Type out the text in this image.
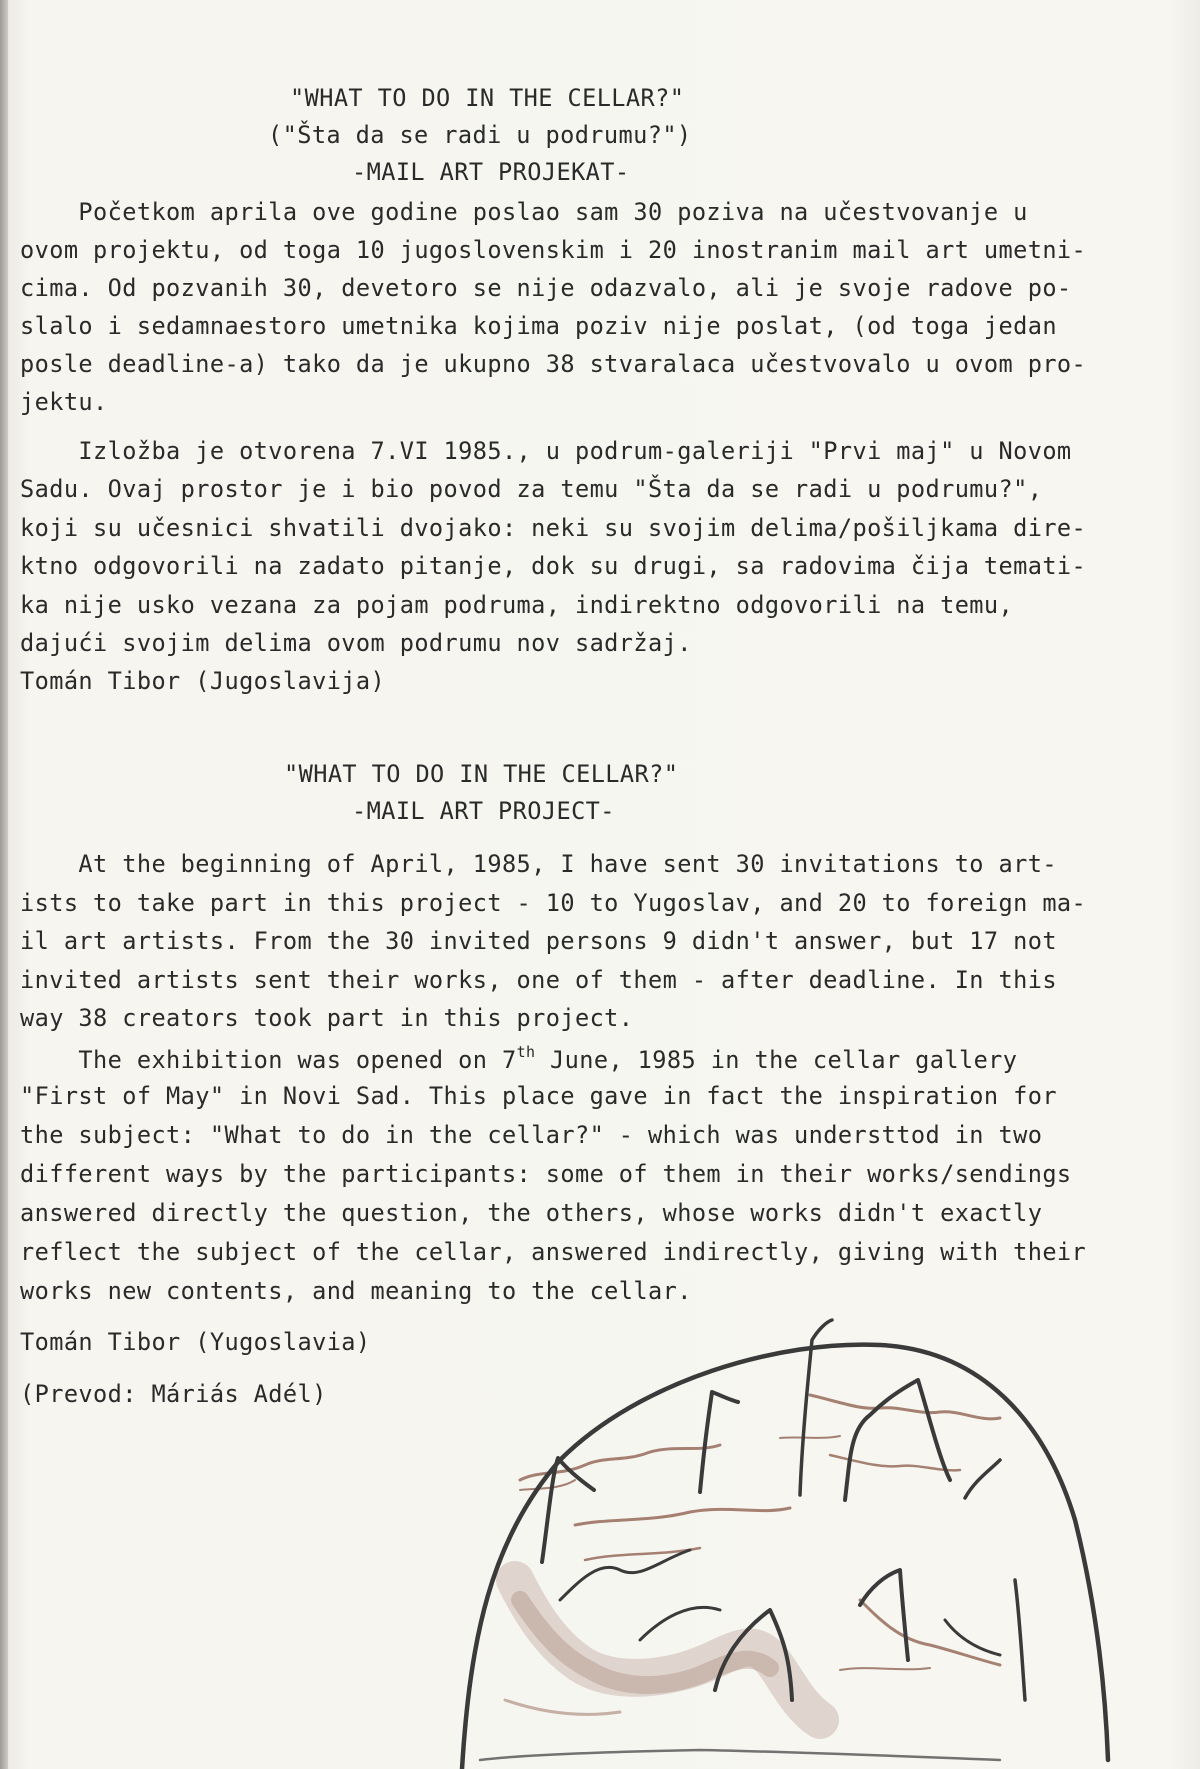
"WHAT TO DO IN THE CELLAR?"

("Šta da se radi u podrumu?")

-MAIL ART PROJEKAT-

Početkom aprila ove godine poslao sam 30 poziva na učestvovanje u

ovom projektu, od toga 10 jugoslovenskim i 20 inostranim mail art umetni-

cima. Od pozvanih 30, devetoro se nije odazvalo, ali je svoje radove po-

slalo i sedamnaestoro umetnika kojima poziv nije poslat, (od toga jedan

posle deadline-a) tako da je ukupno 38 stvaralaca učestvovalo u ovom pro-

jektu.

Izložba je otvorena 7.VI 1985., u podrum-galeriji "Prvi maj" u Novom

Sadu. Ovaj prostor je i bio povod za temu "Šta da se radi u podrumu?",

koji su učesnici shvatili dvojako: neki su svojim delima/pošiljkama dire-

ktno odgovorili na zadato pitanje, dok su drugi, sa radovima čija temati-

ka nije usko vezana za pojam podruma, indirektno odgovorili na temu,

dajući svojim delima ovom podrumu nov sadržaj.

Tomán Tibor (Jugoslavija)

"WHAT TO DO IN THE CELLAR?"

-MAIL ART PROJECT-

At the beginning of April, 1985, I have sent 30 invitations to art-

ists to take part in this project - 10 to Yugoslav, and 20 to foreign ma-

il art artists. From the 30 invited persons 9 didn't answer, but 17 not

invited artists sent their works, one of them - after deadline. In this

way 38 creators took part in this project.

The exhibition was opened on 7th June, 1985 in the cellar gallery

"First of May" in Novi Sad. This place gave in fact the inspiration for

the subject: "What to do in the cellar?" - which was understtod in two

different ways by the participants: some of them in their works/sendings

answered directly the question, the others, whose works didn't exactly

reflect the subject of the cellar, answered indirectly, giving with their

works new contents, and meaning to the cellar.

Tomán Tibor (Yugoslavia)

(Prevod: Máriás Adél)
